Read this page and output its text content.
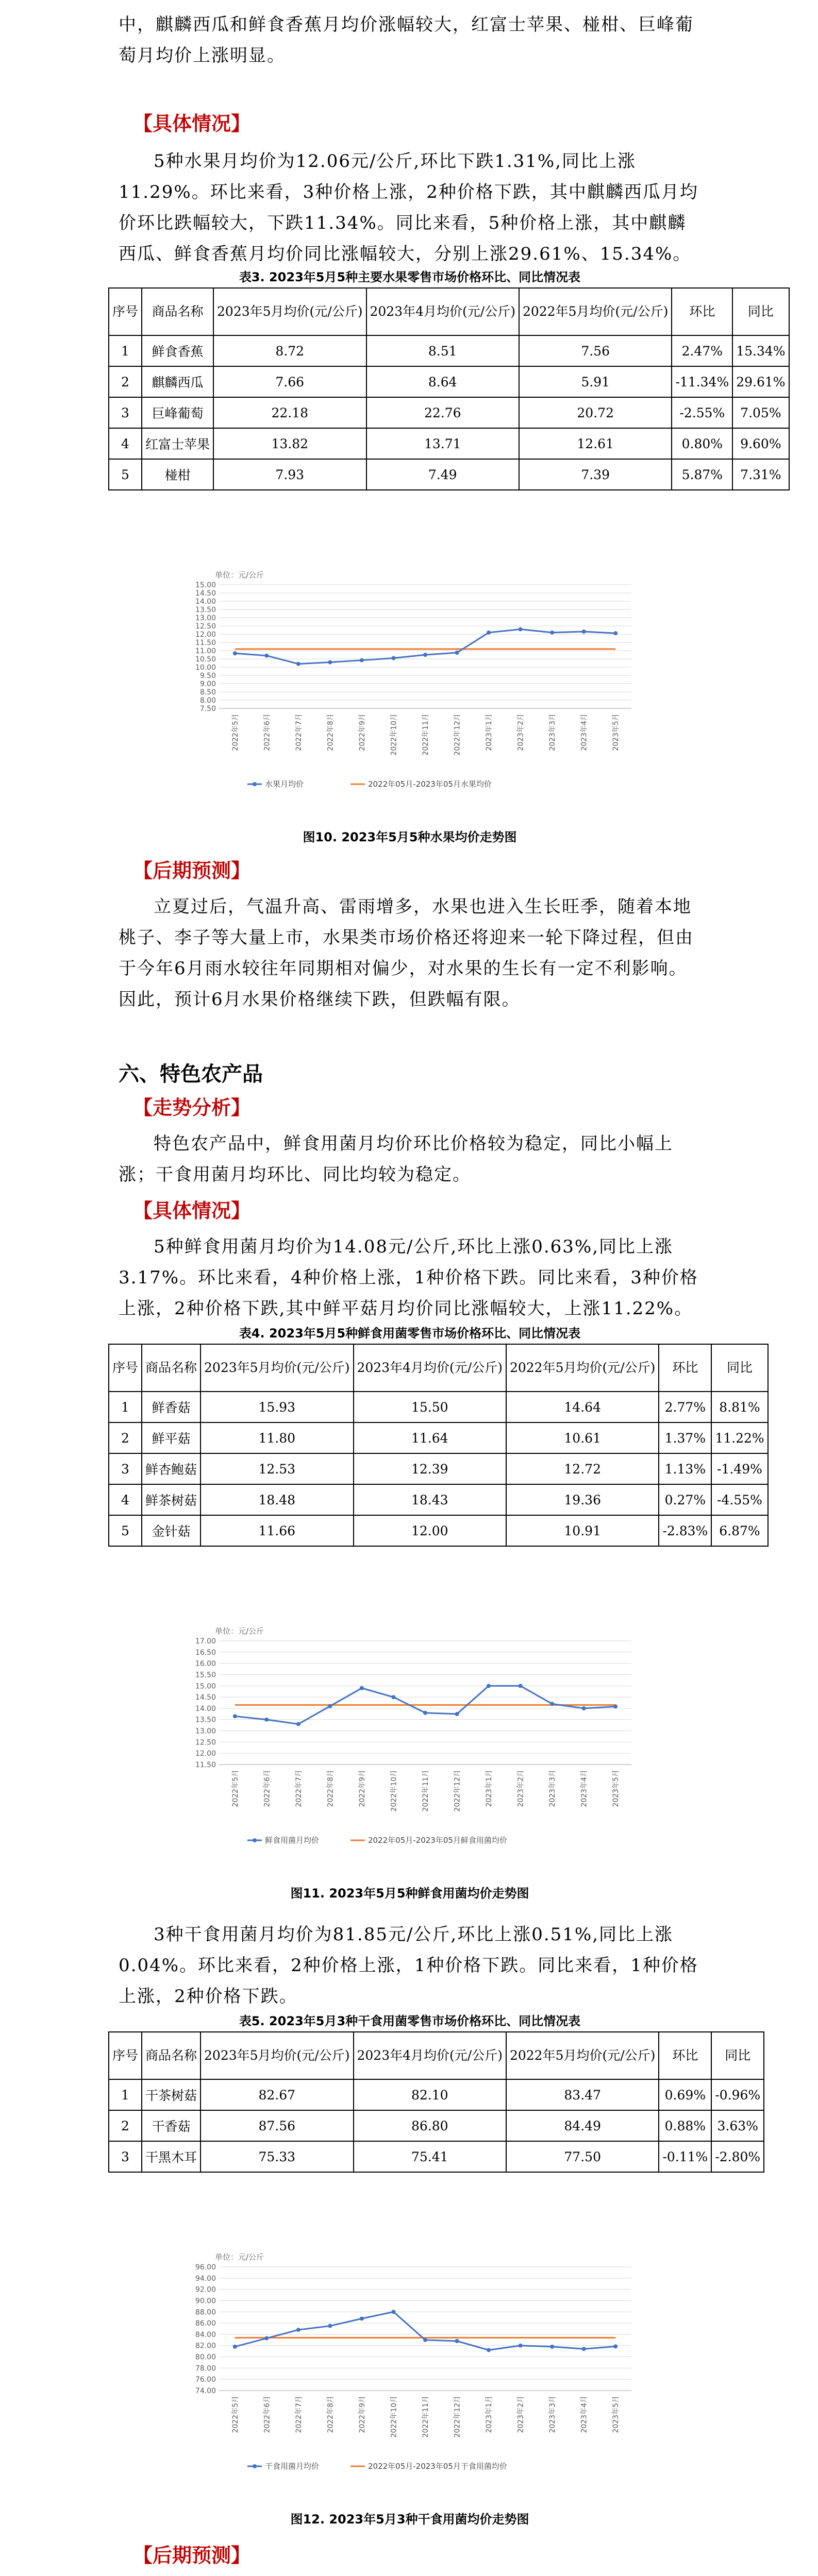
中，麒麟西瓜和鲜食香蕉月均价涨幅较大，红富士苹果、椪柑、巨峰葡萄月均价上涨明显。

【具体情况】

5种水果月均价为12.06元/公斤,环比下跌1.31%,同比上涨11.29%。环比来看，3种价格上涨，2种价格下跌，其中麒麟西瓜月均价环比跌幅较大，下跌11.34%。同比来看，5种价格上涨，其中麒麟西瓜、鲜食香蕉月均价同比涨幅较大，分别上涨29.61%、15.34%。

表3. 2023年5月5种主要水果零售市场价格环比、同比情况表
序号	商品名称	2023年5月均价(元/公斤)	2023年4月均价(元/公斤)	2022年5月均价(元/公斤)	环比	同比
1	鲜食香蕉	8.72	8.51	7.56	2.47%	15.34%
2	麒麟西瓜	7.66	8.64	5.91	-11.34%	29.61%
3	巨峰葡萄	22.18	22.76	20.72	-2.55%	7.05%
4	红富士苹果	13.82	13.71	12.61	0.80%	9.60%
5	椪柑	7.93	7.49	7.39	5.87%	7.31%
单位：元/公斤
7.50
8.00
8.50
9.00
9.50
10.00
10.50
11.00
11.50
12.00
12.50
13.00
13.50
14.00
14.50
15.00
2022年5月	2022年6月	2022年7月	2022年8月	2022年9月	2022年10月	2022年11月	2022年12月	2023年1月	2023年2月	2023年3月	2023年4月	2023年5月
水果月均价	2022年05月-2023年05月水果均价
图10. 2023年5月5种水果均价走势图
【后期预测】

立夏过后，气温升高、雷雨增多，水果也进入生长旺季，随着本地桃子、李子等大量上市，水果类市场价格还将迎来一轮下降过程，但由于今年6月雨水较往年同期相对偏少，对水果的生长有一定不利影响。因此，预计6月水果价格继续下跌，但跌幅有限。

六、特色农产品
【走势分析】

特色农产品中，鲜食用菌月均价环比价格较为稳定，同比小幅上涨；干食用菌月均环比、同比均较为稳定。

【具体情况】

5种鲜食用菌月均价为14.08元/公斤,环比上涨0.63%,同比上涨3.17%。环比来看，4种价格上涨，1种价格下跌。同比来看，3种价格上涨，2种价格下跌,其中鲜平菇月均价同比涨幅较大，上涨11.22%。

表4. 2023年5月5种鲜食用菌零售市场价格环比、同比情况表
序号	商品名称	2023年5月均价(元/公斤)	2023年4月均价(元/公斤)	2022年5月均价(元/公斤)	环比	同比
1	鲜香菇	15.93	15.50	14.64	2.77%	8.81%
2	鲜平菇	11.80	11.64	10.61	1.37%	11.22%
3	鲜杏鲍菇	12.53	12.39	12.72	1.13%	-1.49%
4	鲜茶树菇	18.48	18.43	19.36	0.27%	-4.55%
5	金针菇	11.66	12.00	10.91	-2.83%	6.87%
单位：元/公斤
11.50
12.00
12.50
13.00
13.50
14.00
14.50
15.00
15.50
16.00
16.50
17.00
2022年5月	2022年6月	2022年7月	2022年8月	2022年9月	2022年10月	2022年11月	2022年12月	2023年1月	2023年2月	2023年3月	2023年4月	2023年5月
鲜食用菌月均价	2022年05月-2023年05月鲜食用菌均价
图11. 2023年5月5种鲜食用菌均价走势图

3种干食用菌月均价为81.85元/公斤,环比上涨0.51%,同比上涨0.04%。环比来看，2种价格上涨，1种价格下跌。同比来看，1种价格上涨，2种价格下跌。

表5. 2023年5月3种干食用菌零售市场价格环比、同比情况表
序号	商品名称	2023年5月均价(元/公斤)	2023年4月均价(元/公斤)	2022年5月均价(元/公斤)	环比	同比
1	干茶树菇	82.67	82.10	83.47	0.69%	-0.96%
2	干香菇	87.56	86.80	84.49	0.88%	3.63%
3	干黑木耳	75.33	75.41	77.50	-0.11%	-2.80%
单位：元/公斤
74.00
76.00
78.00
80.00
82.00
84.00
86.00
88.00
90.00
92.00
94.00
96.00
2022年5月	2022年6月	2022年7月	2022年8月	2022年9月	2022年10月	2022年11月	2022年12月	2023年1月	2023年2月	2023年3月	2023年4月	2023年5月
干食用菌月均价	2022年05月-2023年05月干食用菌均价
图12. 2023年5月3种干食用菌均价走势图
【后期预测】
